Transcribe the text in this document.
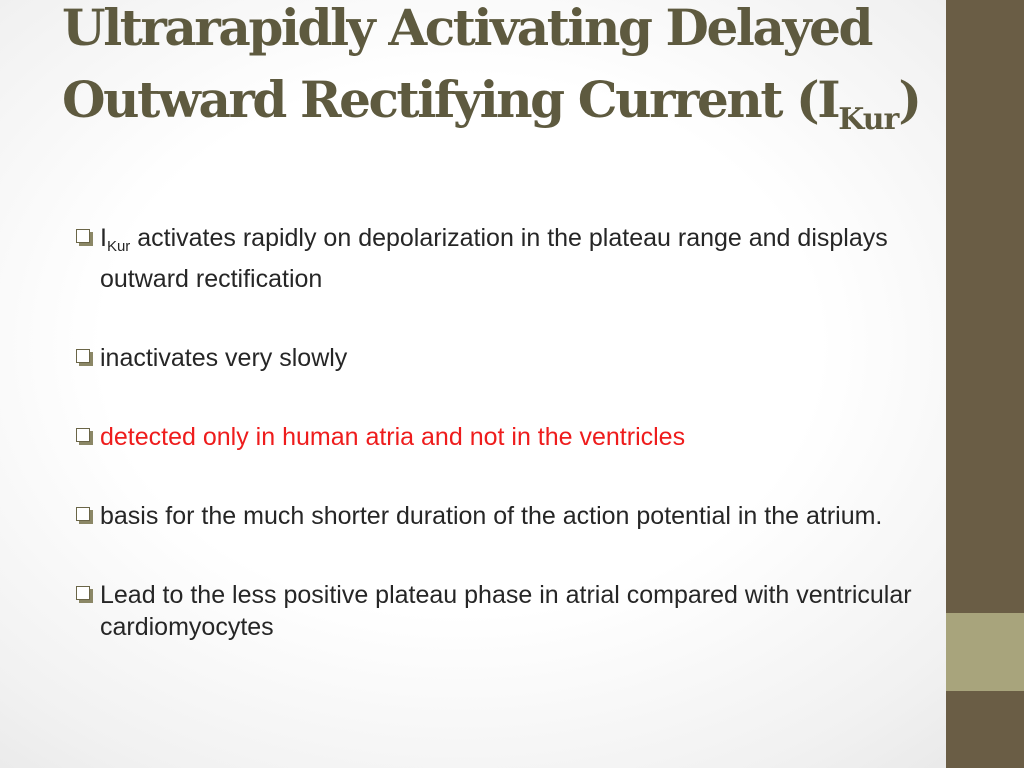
Ultrarapidly Activating Delayed Outward Rectifying Current $(I_{Kur})$
$I_{Kur}$ activates rapidly on depolarization in the plateau range and displays outward rectification
inactivates very slowly
detected only in human atria and not in the ventricles
basis for the much shorter duration of the action potential in the atrium.
Lead to the less positive plateau phase in atrial compared with ventricular cardiomyocytes
